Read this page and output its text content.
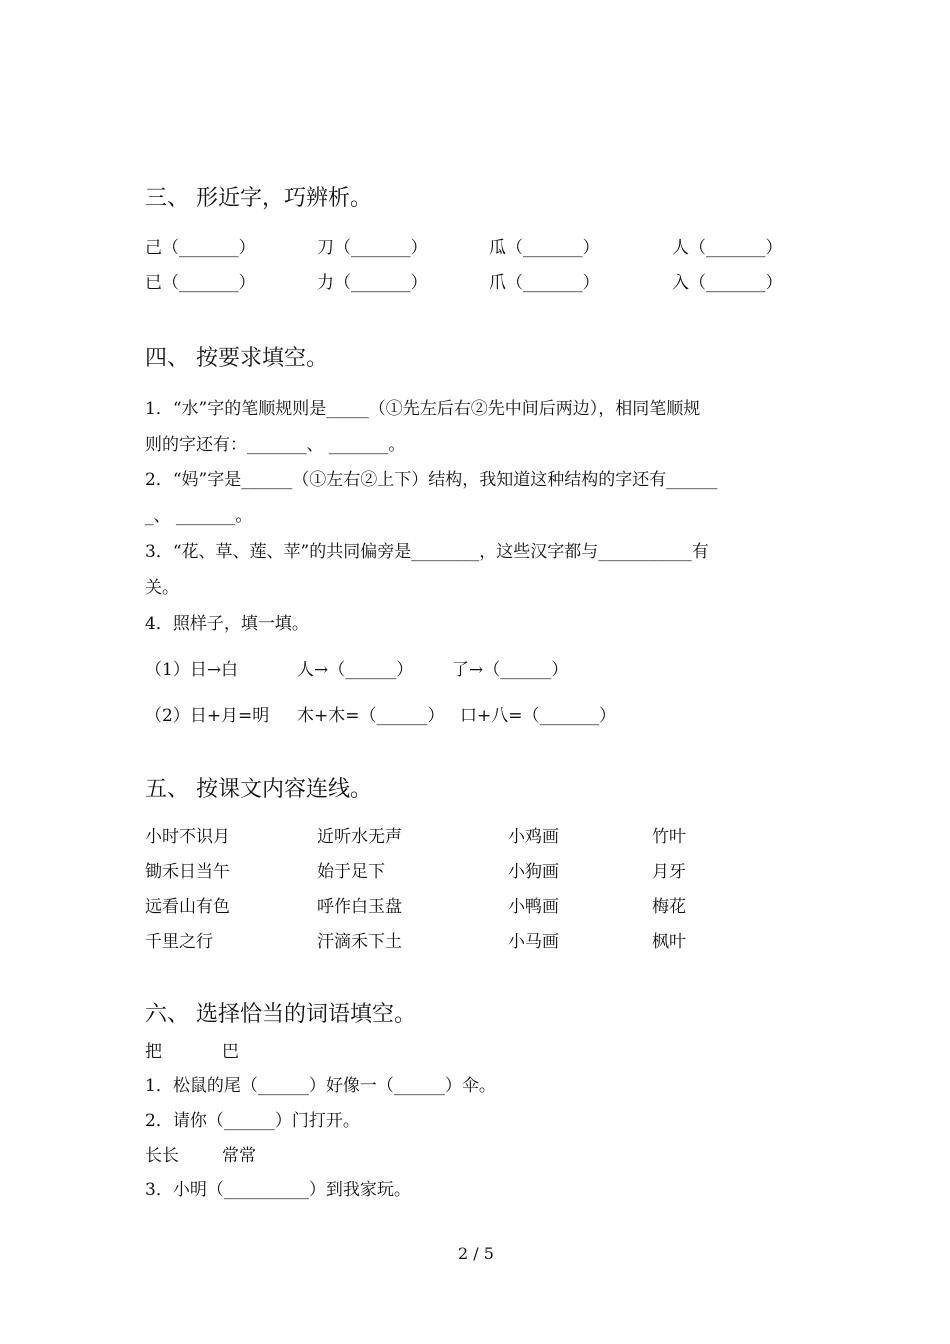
三、 形近字，巧辨析。
己（_______）	刀（_______）	瓜（_______）	人（_______）
已（_______）	力（_______）	爪（_______）	入（_______）
四、 按要求填空。
1．“水”字的笔顺规则是_____（①先左后右②先中间后两边），相同笔顺规
则的字还有：_______、 _______。
2．“妈”字是______（①左右②上下）结构，我知道这种结构的字还有______
_、 _______。
3．“花、草、莲、苹”的共同偏旁是________，这些汉字都与___________有
关。
4．照样子，填一填。
（1）日→白	人→（______） 了→（______）
（2）日+月=明 木+木=（______） 口+八=（_______）
五、 按课文内容连线。
小时不识月	近听水无声	小鸡画	竹叶
锄禾日当午	始于足下	小狗画	月牙
远看山有色	呼作白玉盘	小鸭画	梅花
千里之行	汗滴禾下土	小马画	枫叶
六、 选择恰当的词语填空。
把	巴
1．松鼠的尾（______）好像一（______）伞。
2．请你（______）门打开。
长长	常常
3．小明（__________）到我家玩。
2 / 5
